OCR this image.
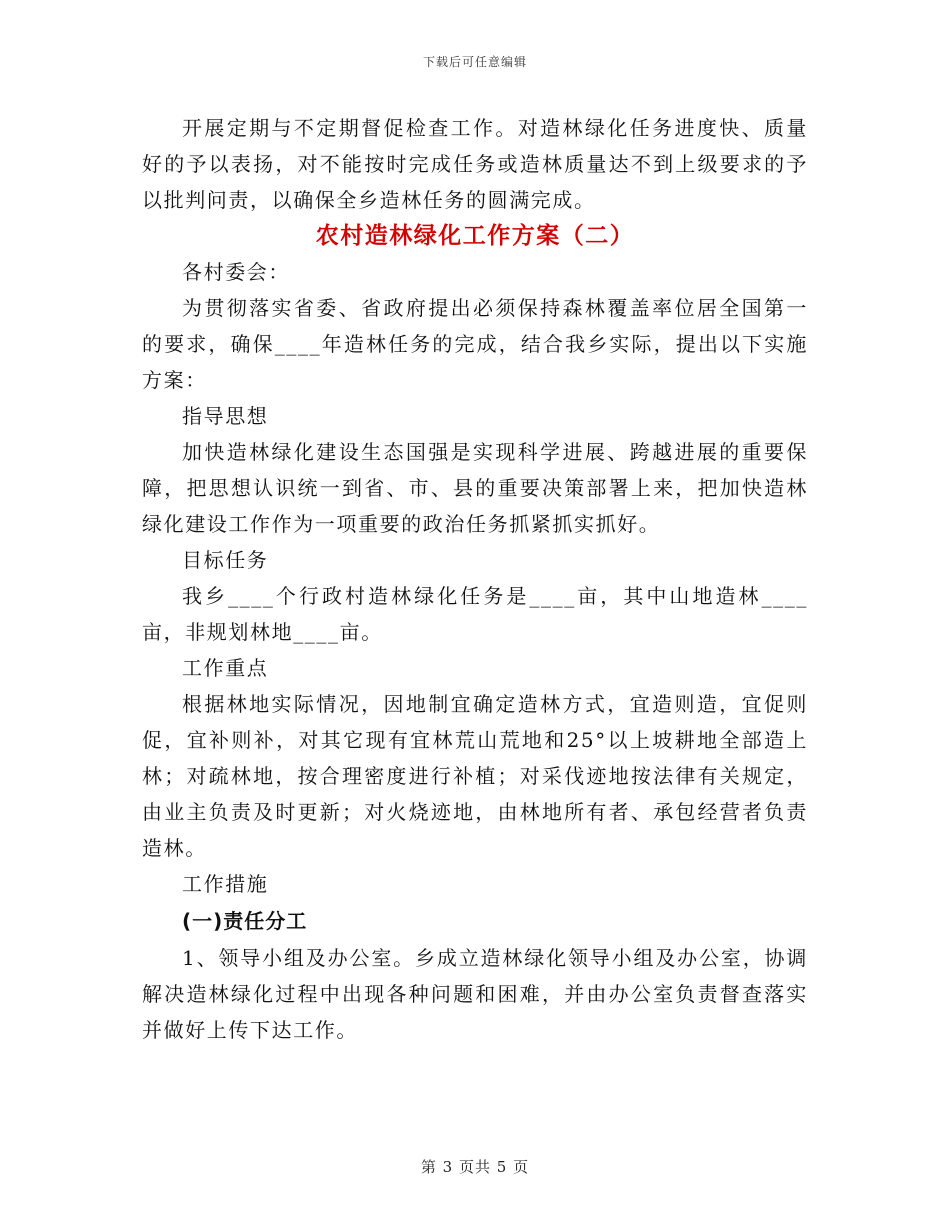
下载后可任意编辑

开展定期与不定期督促检查工作。对造林绿化任务进度快、质量好的予以表扬，对不能按时完成任务或造林质量达不到上级要求的予以批判问责，以确保全乡造林任务的圆满完成。

农村造林绿化工作方案（二）

各村委会：

为贯彻落实省委、省政府提出必须保持森林覆盖率位居全国第一的要求，确保____年造林任务的完成，结合我乡实际，提出以下实施方案：

指导思想

加快造林绿化建设生态国强是实现科学进展、跨越进展的重要保障，把思想认识统一到省、市、县的重要决策部署上来，把加快造林绿化建设工作作为一项重要的政治任务抓紧抓实抓好。

目标任务

我乡____个行政村造林绿化任务是____亩，其中山地造林____亩，非规划林地____亩。

工作重点

根据林地实际情况，因地制宜确定造林方式，宜造则造，宜促则促，宜补则补，对其它现有宜林荒山荒地和25°以上坡耕地全部造上林；对疏林地，按合理密度进行补植；对采伐迹地按法律有关规定，由业主负责及时更新；对火烧迹地，由林地所有者、承包经营者负责造林。

工作措施

(一)责任分工

1、领导小组及办公室。乡成立造林绿化领导小组及办公室，协调解决造林绿化过程中出现各种问题和困难，并由办公室负责督查落实并做好上传下达工作。

第 3 页共 5 页
